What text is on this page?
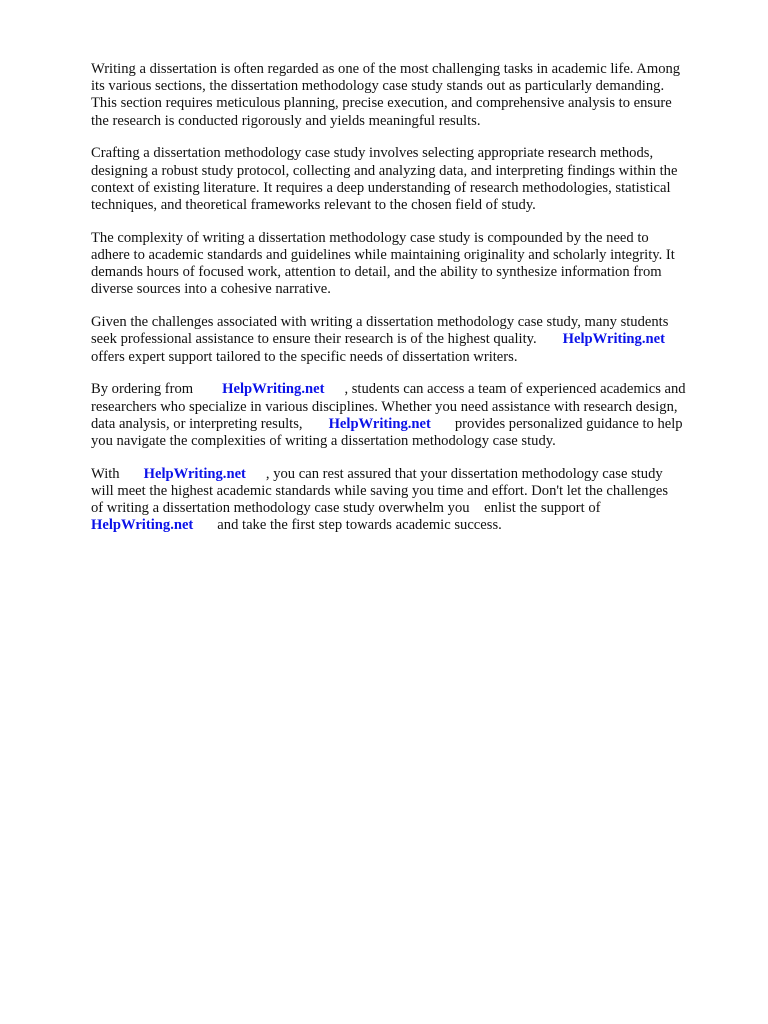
Writing a dissertation is often regarded as one of the most challenging tasks in academic life. Among
its various sections, the dissertation methodology case study stands out as particularly demanding.
This section requires meticulous planning, precise execution, and comprehensive analysis to ensure
the research is conducted rigorously and yields meaningful results.

Crafting a dissertation methodology case study involves selecting appropriate research methods,
designing a robust study protocol, collecting and analyzing data, and interpreting findings within the
context of existing literature. It requires a deep understanding of research methodologies, statistical
techniques, and theoretical frameworks relevant to the chosen field of study.

The complexity of writing a dissertation methodology case study is compounded by the need to
adhere to academic standards and guidelines while maintaining originality and scholarly integrity. It
demands hours of focused work, attention to detail, and the ability to synthesize information from
diverse sources into a cohesive narrative.

Given the challenges associated with writing a dissertation methodology case study, many students
seek professional assistance to ensure their research is of the highest quality. HelpWriting.net
offers expert support tailored to the specific needs of dissertation writers.

By ordering from HelpWriting.net , students can access a team of experienced academics and
researchers who specialize in various disciplines. Whether you need assistance with research design,
data analysis, or interpreting results, HelpWriting.net provides personalized guidance to help
you navigate the complexities of writing a dissertation methodology case study.

With HelpWriting.net , you can rest assured that your dissertation methodology case study
will meet the highest academic standards while saving you time and effort. Don't let the challenges
of writing a dissertation methodology case study overwhelm you    enlist the support of
HelpWriting.net and take the first step towards academic success.
